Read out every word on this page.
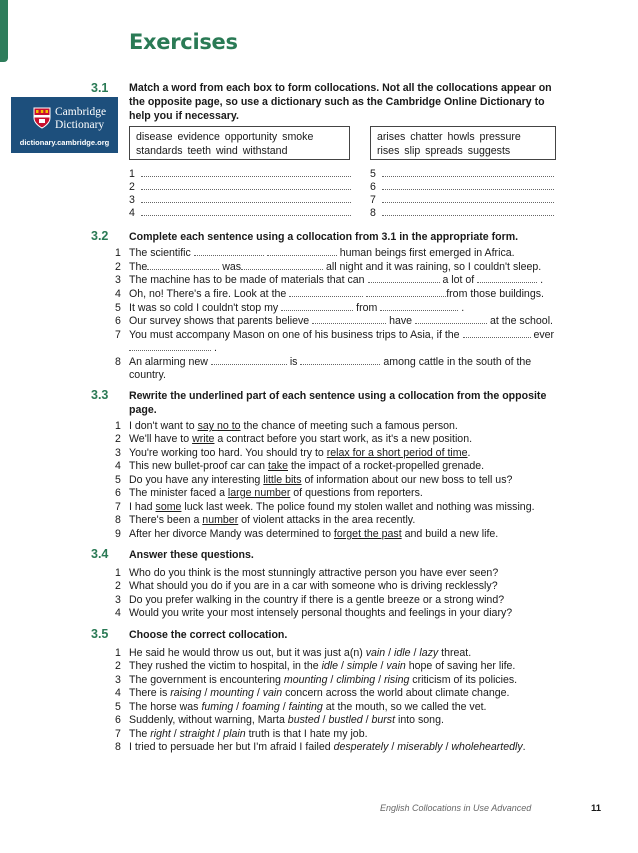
Exercises
Cambridge
Dictionary
dictionary.cambridge.org
3.1 Match a word from each box to form collocations. Not all the collocations appear on the opposite page, so use a dictionary such as the Cambridge Online Dictionary to help you if necessary.
disease evidence opportunity smoke
standards teeth wind withstand
arises chatter howls pressure
rises slip spreads suggests
1
2
3
4
5
6
7
8
3.2 Complete each sentence using a collocation from 3.1 in the appropriate form.
1 The scientific	human beings first emerged in Africa.
2 The	was	all night and it was raining, so I couldn't sleep.
3 The machine has to be made of materials that can	a lot of	.
4 Oh, no! There's a fire. Look at the	from those buildings.
5 It was so cold I couldn't stop my	from	.
6 Our survey shows that parents believe	have	at the school.
7 You must accompany Mason on one of his business trips to Asia, if the	ever
.
8 An alarming new	is	among cattle in the south of the
country.
3.3 Rewrite the underlined part of each sentence using a collocation from the opposite page.
1 I don't want to say no to the chance of meeting such a famous person.
2 We'll have to write a contract before you start work, as it's a new position.
3 You're working too hard. You should try to relax for a short period of time.
4 This new bullet-proof car can take the impact of a rocket-propelled grenade.
5 Do you have any interesting little bits of information about our new boss to tell us?
6 The minister faced a large number of questions from reporters.
7 I had some luck last week. The police found my stolen wallet and nothing was missing.
8 There's been a number of violent attacks in the area recently.
9 After her divorce Mandy was determined to forget the past and build a new life.
3.4 Answer these questions.
1 Who do you think is the most stunningly attractive person you have ever seen?
2 What should you do if you are in a car with someone who is driving recklessly?
3 Do you prefer walking in the country if there is a gentle breeze or a strong wind?
4 Would you write your most intensely personal thoughts and feelings in your diary?
3.5 Choose the correct collocation.
1 He said he would throw us out, but it was just a(n) vain / idle / lazy threat.
2 They rushed the victim to hospital, in the idle / simple / vain hope of saving her life.
3 The government is encountering mounting / climbing / rising criticism of its policies.
4 There is raising / mounting / vain concern across the world about climate change.
5 The horse was fuming / foaming / fainting at the mouth, so we called the vet.
6 Suddenly, without warning, Marta busted / bustled / burst into song.
7 The right / straight / plain truth is that I hate my job.
8 I tried to persuade her but I'm afraid I failed desperately / miserably / wholeheartedly.
English Collocations in Use Advanced	11
